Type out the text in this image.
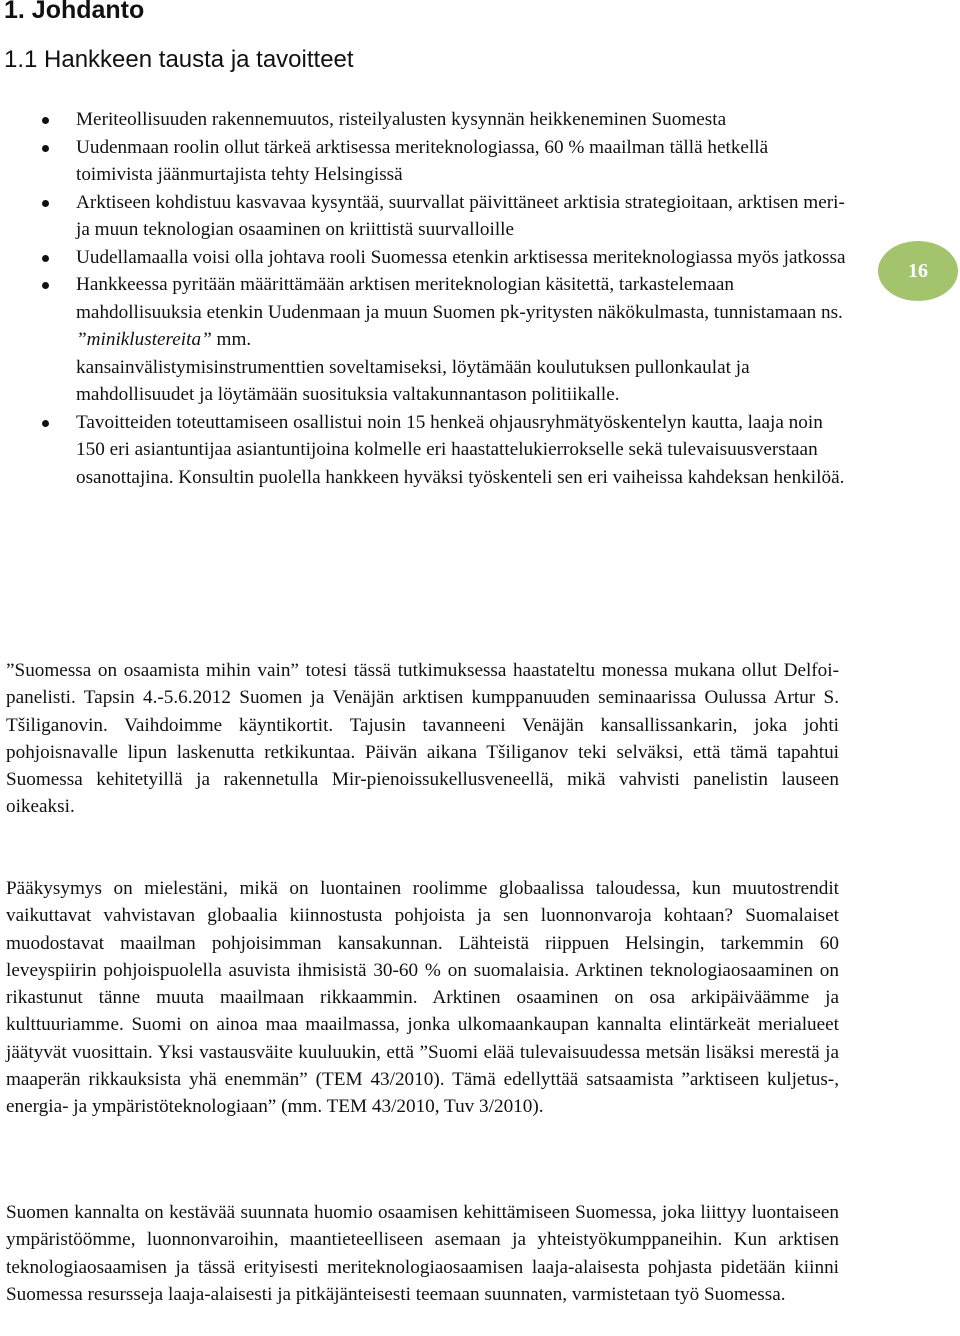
1. Johdanto
1.1 Hankkeen tausta ja tavoitteet
Meriteollisuuden rakennemuutos, risteilyalusten kysynnän heikkeneminen Suomesta
Uudenmaan roolin ollut tärkeä arktisessa meriteknologiassa, 60 % maailman tällä hetkellä toimivista jäänmurtajista tehty Helsingissä
Arktiseen kohdistuu kasvavaa kysyntää, suurvallat päivittäneet arktisia strategioitaan, arktisen meri- ja muun teknologian osaaminen on kriittistä suurvalloille
Uudellamaalla voisi olla johtava rooli Suomessa etenkin arktisessa meriteknologiassa myös jatkossa
Hankkeessa pyritään määrittämään arktisen meriteknologian käsitettä, tarkastelemaan mahdollisuuksia etenkin Uudenmaan ja muun Suomen pk-yritysten näkökulmasta, tunnistamaan ns. ”miniklustereita” mm.
kansainvälistymisinstrumenttien soveltamiseksi, löytämään koulutuksen pullonkaulat ja mahdollisuudet ja löytämään suosituksia valtakunnantason politiikalle.
Tavoitteiden toteuttamiseen osallistui noin 15 henkeä ohjausryhmätyöskentelyn kautta, laaja noin 150 eri asiantuntijaa asiantuntijoina kolmelle eri haastattelukierrokselle sekä tulevaisuusverstaan osanottajina. Konsultin puolella hankkeen hyväksi työskenteli sen eri vaiheissa kahdeksan henkilöä.

”Suomessa on osaamista mihin vain” totesi tässä tutkimuksessa haastateltu monessa mukana ollut Delfoi-panelisti. Tapsin 4.-5.6.2012 Suomen ja Venäjän arktisen kumppanuuden seminaarissa Oulussa Artur S. Tšiliganovin. Vaihdoimme käyntikortit. Tajusin tavanneeni Venäjän kansallissankarin, joka johti pohjoisnavalle lipun laskenutta retkikuntaa. Päivän aikana Tšiliganov teki selväksi, että tämä tapahtui Suomessa kehitetyillä ja rakennetulla Mir-pienoissukellusveneellä, mikä vahvisti panelistin lauseen oikeaksi.

Pääkysymys on mielestäni, mikä on luontainen roolimme globaalissa taloudessa, kun muutostrendit vaikuttavat vahvistavan globaalia kiinnostusta pohjoista ja sen luonnonvaroja kohtaan? Suomalaiset muodostavat maailman pohjoisimman kansakunnan. Lähteistä riippuen Helsingin, tarkemmin 60 leveyspiirin pohjoispuolella asuvista ihmisistä 30-60 % on suomalaisia. Arktinen teknologiaosaaminen on rikastunut tänne muuta maailmaan rikkaammin. Arktinen osaaminen on osa arkipäiväämme ja kulttuuriamme. Suomi on ainoa maa maailmassa, jonka ulkomaankaupan kannalta elintärkeät merialueet jäätyvät vuosittain. Yksi vastausväite kuuluukin, että ”Suomi elää tulevaisuudessa metsän lisäksi merestä ja maaperän rikkauksista yhä enemmän” (TEM 43/2010). Tämä edellyttää satsaamista ”arktiseen kuljetus-, energia- ja ympäristöteknologiaan” (mm. TEM 43/2010, Tuv 3/2010).

Suomen kannalta on kestävää suunnata huomio osaamisen kehittämiseen Suomessa, joka liittyy luontaiseen ympäristöömme, luonnonvaroihin, maantieteelliseen asemaan ja yhteistyökumppaneihin. Kun arktisen teknologiaosaamisen ja tässä erityisesti meriteknologiaosaamisen laaja-alaisesta pohjasta pidetään kiinni Suomessa resursseja laaja-alaisesti ja pitkäjänteisesti teemaan suunnaten, varmistetaan työ Suomessa.

16
